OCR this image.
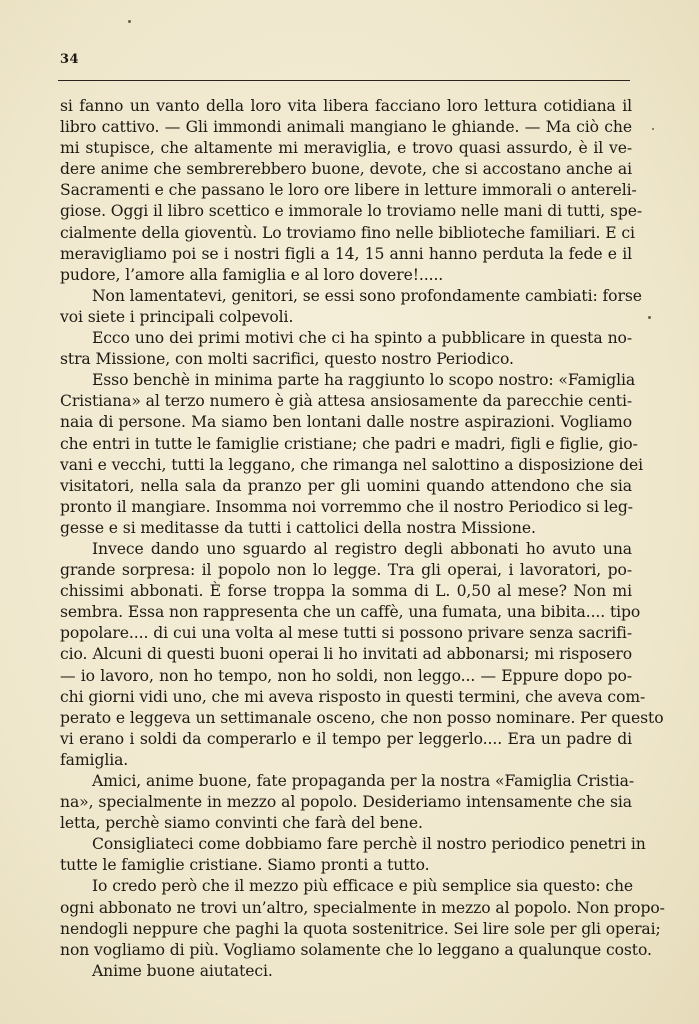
34
si fanno un vanto della loro vita libera facciano loro lettura cotidiana il
libro cattivo. — Gli immondi animali mangiano le ghiande. — Ma ciò che
mi stupisce, che altamente mi meraviglia, e trovo quasi assurdo, è il ve-
dere anime che sembrerebbero buone, devote, che si accostano anche ai
Sacramenti e che passano le loro ore libere in letture immorali o antereli-
giose. Oggi il libro scettico e immorale lo troviamo nelle mani di tutti, spe-
cialmente della gioventù. Lo troviamo fino nelle biblioteche familiari. E ci
meravigliamo poi se i nostri figli a 14, 15 anni hanno perduta la fede e il
pudore, l’amore alla famiglia e al loro dovere!.....
Non lamentatevi, genitori, se essi sono profondamente cambiati: forse
voi siete i principali colpevoli.
Ecco uno dei primi motivi che ci ha spinto a pubblicare in questa no-
stra Missione, con molti sacrifici, questo nostro Periodico.
Esso benchè in minima parte ha raggiunto lo scopo nostro: «Famiglia
Cristiana» al terzo numero è già attesa ansiosamente da parecchie centi-
naia di persone. Ma siamo ben lontani dalle nostre aspirazioni. Vogliamo
che entri in tutte le famiglie cristiane; che padri e madri, figli e figlie, gio-
vani e vecchi, tutti la leggano, che rimanga nel salottino a disposizione dei
visitatori, nella sala da pranzo per gli uomini quando attendono che sia
pronto il mangiare. Insomma noi vorremmo che il nostro Periodico si leg-
gesse e si meditasse da tutti i cattolici della nostra Missione.
Invece dando uno sguardo al registro degli abbonati ho avuto una
grande sorpresa: il popolo non lo legge. Tra gli operai, i lavoratori, po-
chissimi abbonati. È forse troppa la somma di L. 0,50 al mese? Non mi
sembra. Essa non rappresenta che un caffè, una fumata, una bibita.... tipo
popolare.... di cui una volta al mese tutti si possono privare senza sacrifi-
cio. Alcuni di questi buoni operai li ho invitati ad abbonarsi; mi risposero
— io lavoro, non ho tempo, non ho soldi, non leggo... — Eppure dopo po-
chi giorni vidi uno, che mi aveva risposto in questi termini, che aveva com-
perato e leggeva un settimanale osceno, che non posso nominare. Per questo
vi erano i soldi da comperarlo e il tempo per leggerlo.... Era un padre di
famiglia.
Amici, anime buone, fate propaganda per la nostra «Famiglia Cristia-
na», specialmente in mezzo al popolo. Desideriamo intensamente che sia
letta, perchè siamo convinti che farà del bene.
Consigliateci come dobbiamo fare perchè il nostro periodico penetri in
tutte le famiglie cristiane. Siamo pronti a tutto.
Io credo però che il mezzo più efficace e più semplice sia questo: che
ogni abbonato ne trovi un’altro, specialmente in mezzo al popolo. Non propo-
nendogli neppure che paghi la quota sostenitrice. Sei lire sole per gli operai;
non vogliamo di più. Vogliamo solamente che lo leggano a qualunque costo.
Anime buone aiutateci.
